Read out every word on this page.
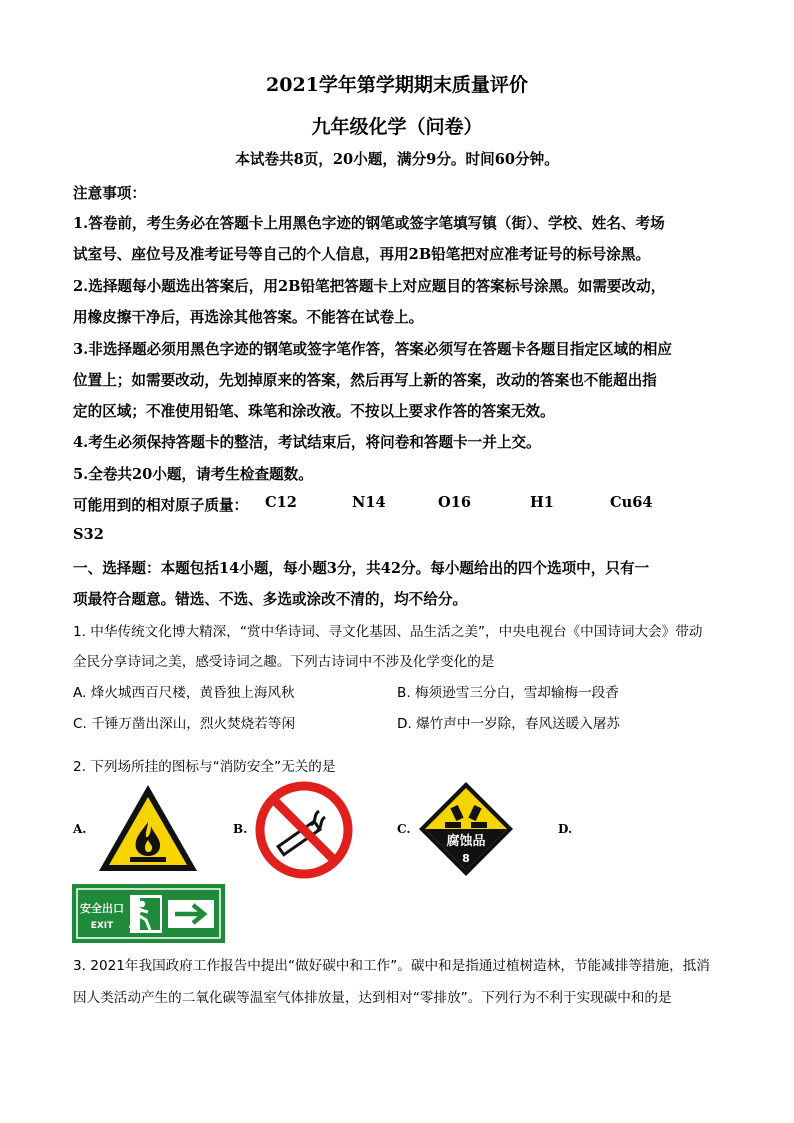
2021学年第学期期末质量评价
九年级化学（问卷）
本试卷共8页，20小题，满分9分。时间60分钟。
注意事项：
1.答卷前，考生务必在答题卡上用黑色字迹的钢笔或签字笔填写镇（街）、学校、姓名、考场
试室号、座位号及准考证号等自己的个人信息，再用2B铅笔把对应准考证号的标号涂黑。
2.选择题每小题选出答案后，用2B铅笔把答题卡上对应题目的答案标号涂黑。如需要改动，
用橡皮擦干净后，再选涂其他答案。不能答在试卷上。
3.非选择题必须用黑色字迹的钢笔或签字笔作答，答案必须写在答题卡各题目指定区域的相应
位置上；如需要改动，先划掉原来的答案，然后再写上新的答案，改动的答案也不能超出指
定的区域；不准使用铅笔、珠笔和涂改液。不按以上要求作答的答案无效。
4.考生必须保持答题卡的整洁，考试结束后，将问卷和答题卡一并上交。
5.全卷共20小题，请考生检查题数。
可能用到的相对原子质量： C12	N14	O16	H1	Cu64
S32
一、选择题：本题包括14小题，每小题3分，共42分。每小题给出的四个选项中，只有一
项最符合题意。错选、不选、多选或涂改不清的，均不给分。
1. 中华传统文化博大精深，“赏中华诗词、寻文化基因、品生活之美”，中央电视台《中国诗词大会》带动
全民分享诗词之美，感受诗词之趣。下列古诗词中不涉及化学变化的是
A. 烽火城西百尺楼，黄昏独上海风秋	B. 梅须逊雪三分白，雪却输梅一段香
C. 千锤万凿出深山，烈火焚烧若等闲	D. 爆竹声中一岁除，春风送暖入屠苏
2. 下列场所挂的图标与“消防安全”无关的是
A.	B.	C.	D.
腐蚀品
8
安全出口
EXIT
3. 2021年我国政府工作报告中提出“做好碳中和工作”。碳中和是指通过植树造林，节能减排等措施，抵消
因人类活动产生的二氧化碳等温室气体排放量，达到相对“零排放”。下列行为不利于实现碳中和的是
